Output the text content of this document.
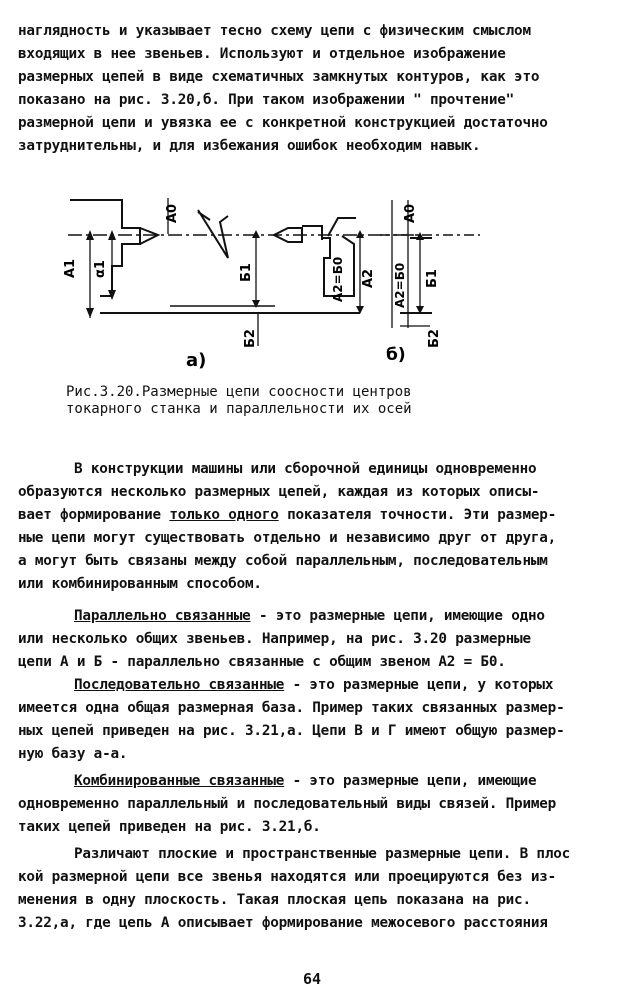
наглядность и указывает тесно схему цепи с физическим смыслом
входящих в нее звеньев. Используют и отдельное изображение
размерных цепей в виде схематичных замкнутых контуров, как это
показано на рис. 3.20,б. При таком изображении " прочтение"
размерной цепи и увязка ее с конкретной конструкцией достаточно
затруднительны, и для избежания ошибок необходим навык.
A1 α1
A0
Б1
Б2
A2=Б0 A2
а)
A0
A2=Б0 Б1
Б2
б)
Рис.3.20.Размерные цепи соосности центров
токарного станка и параллельности их осей
В конструкции машины или сборочной единицы одновременно
образуются несколько размерных цепей, каждая из которых описы-
вает формирование только одного показателя точности. Эти размер-
ные цепи могут существовать отдельно и независимо друг от друга,
а могут быть связаны между собой параллельным, последовательным
или комбинированным способом.
Параллельно связанные - это размерные цепи, имеющие одно
или несколько общих звеньев. Например, на рис. 3.20 размерные
цепи А и Б - параллельно связанные с общим звеном A2 = Б0.
Последовательно связанные - это размерные цепи, у которых
имеется одна общая размерная база. Пример таких связанных размер-
ных цепей приведен на рис. 3.21,а. Цепи В и Г имеют общую размер-
ную базу а-а.
Комбинированные связанные - это размерные цепи, имеющие
одновременно параллельный и последовательный виды связей. Пример
таких цепей приведен на рис. 3.21,б.
Различают плоские и пространственные размерные цепи. В плос
кой размерной цепи все звенья находятся или проецируются без из-
менения в одну плоскость. Такая плоская цепь показана на рис.
3.22,а, где цепь А описывает формирование межосевого расстояния
64
